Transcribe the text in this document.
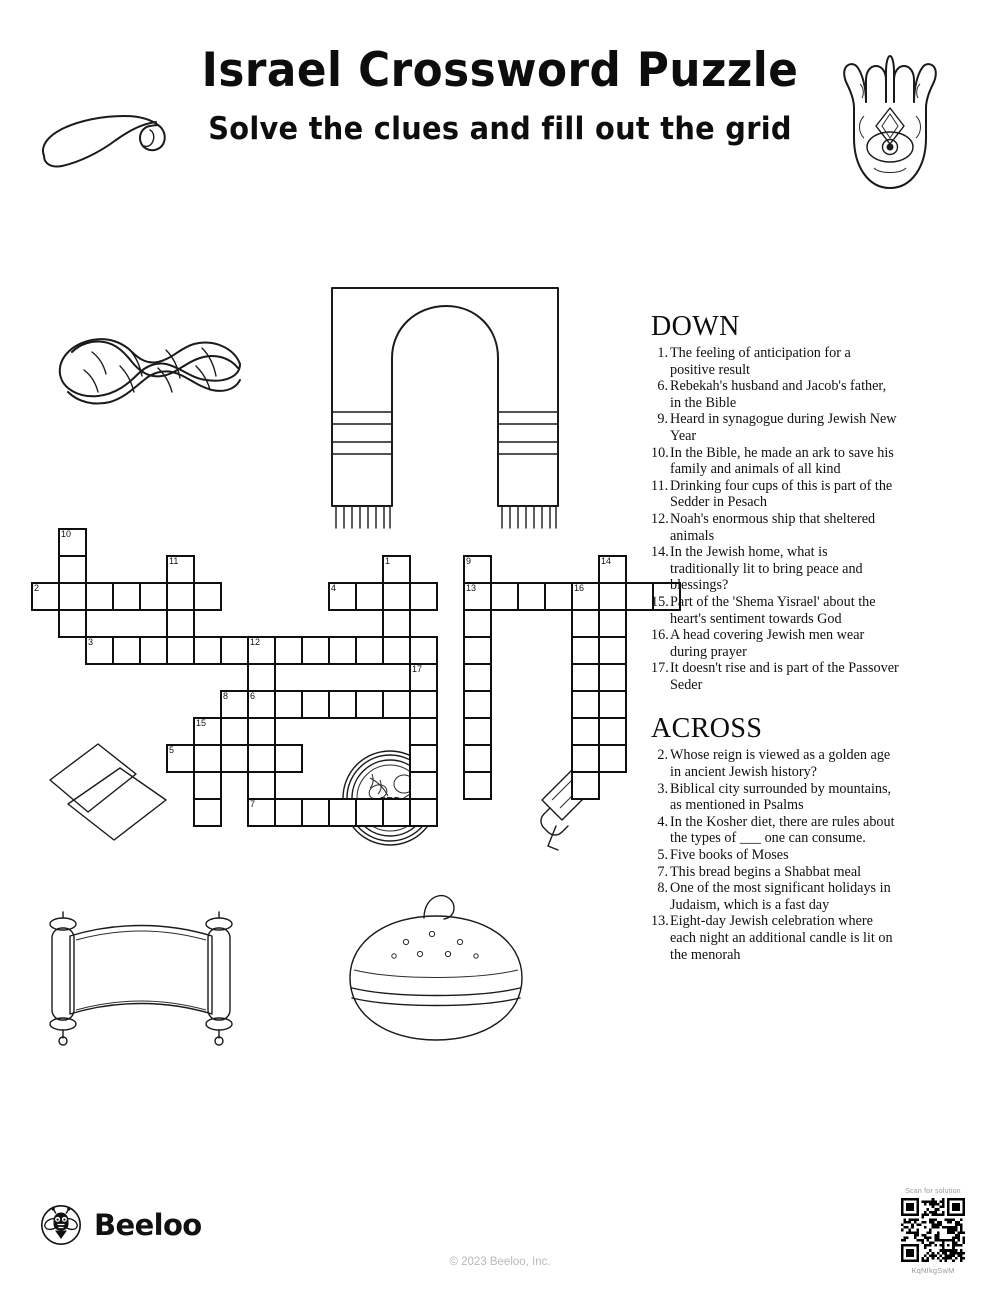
Israel Crossword Puzzle
Solve the clues and fill out the grid
10
11	1	9	14
2	4	13	16
3	12
17
8 6
15
5
7
DOWN
1. The feeling of anticipation for a positive result
6. Rebekah's husband and Jacob's father, in the Bible
9. Heard in synagogue during Jewish New Year
10. In the Bible, he made an ark to save his family and animals of all kind
11. Drinking four cups of this is part of the Sedder in Pesach
12. Noah's enormous ship that sheltered animals
14. In the Jewish home, what is traditionally lit to bring peace and blessings?
15. Part of the 'Shema Yisrael' about the heart's sentiment towards God
16. A head covering Jewish men wear during prayer
17. It doesn't rise and is part of the Passover Seder
ACROSS
2. Whose reign is viewed as a golden age in ancient Jewish history?
3. Biblical city surrounded by mountains, as mentioned in Psalms
4. In the Kosher diet, there are rules about the types of ___ one can consume.
5. Five books of Moses
7. This bread begins a Shabbat meal
8. One of the most significant holidays in Judaism, which is a fast day
13. Eight-day Jewish celebration where each night an additional candle is lit on the menorah
Beeloo
© 2023 Beeloo, Inc.
Scan for solution
KqNIkgSwM
